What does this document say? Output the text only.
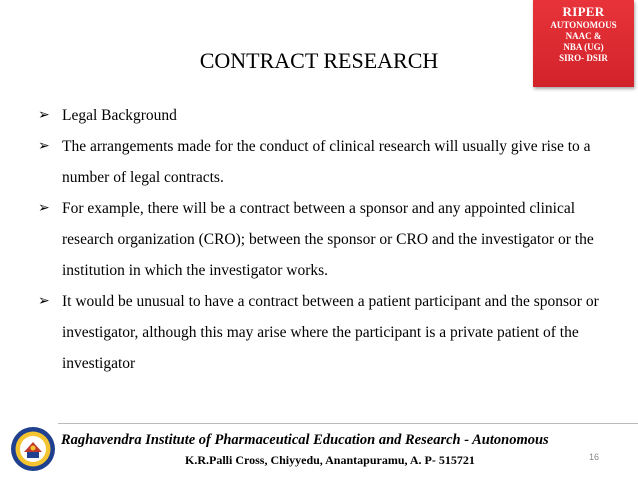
RIPER
AUTONOMOUS
NAAC &
NBA (UG)
SIRO- DSIR
CONTRACT RESEARCH
➢ Legal Background
➢ The arrangements made for the conduct of clinical research will usually give rise to a number of legal contracts.
➢ For example, there will be a contract between a sponsor and any appointed clinical research organization (CRO); between the sponsor or CRO and the investigator or the institution in which the investigator works.
➢ It would be unusual to have a contract between a patient participant and the sponsor or investigator, although this may arise where the participant is a private patient of the investigator
Raghavendra Institute of Pharmaceutical Education and Research - Autonomous
K.R.Palli Cross, Chiyyedu, Anantapuramu, A. P- 515721	16
